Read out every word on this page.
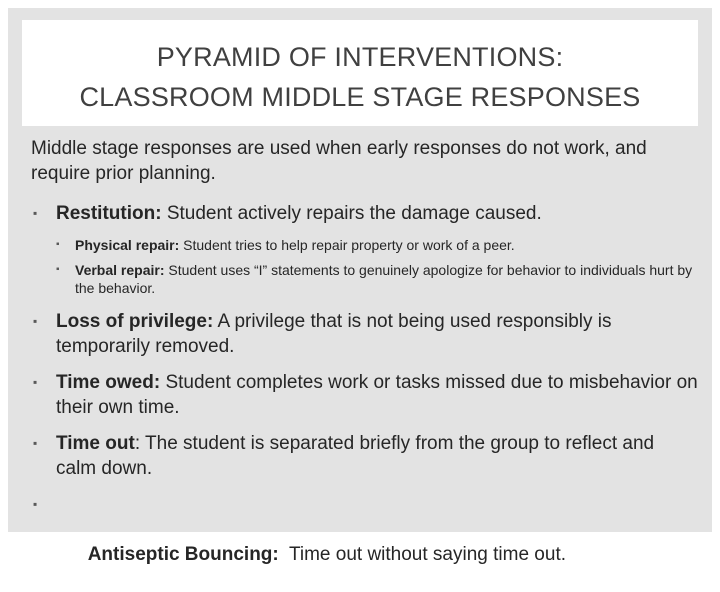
PYRAMID OF INTERVENTIONS:
CLASSROOM MIDDLE STAGE RESPONSES

Middle stage responses are used when early responses do not work, and require prior planning.

▪ Restitution: Student actively repairs the damage caused.
▪ Physical repair: Student tries to help repair property or work of a peer.
▪ Verbal repair: Student uses “I” statements to genuinely apologize for behavior to individuals hurt by the behavior.
▪ Loss of privilege: A privilege that is not being used responsibly is temporarily removed.
▪ Time owed: Student completes work or tasks missed due to misbehavior on their own time.
▪ Time out: The student is separated briefly from the group to reflect and calm down.

▪

Antiseptic Bouncing:  Time out without saying time out.
